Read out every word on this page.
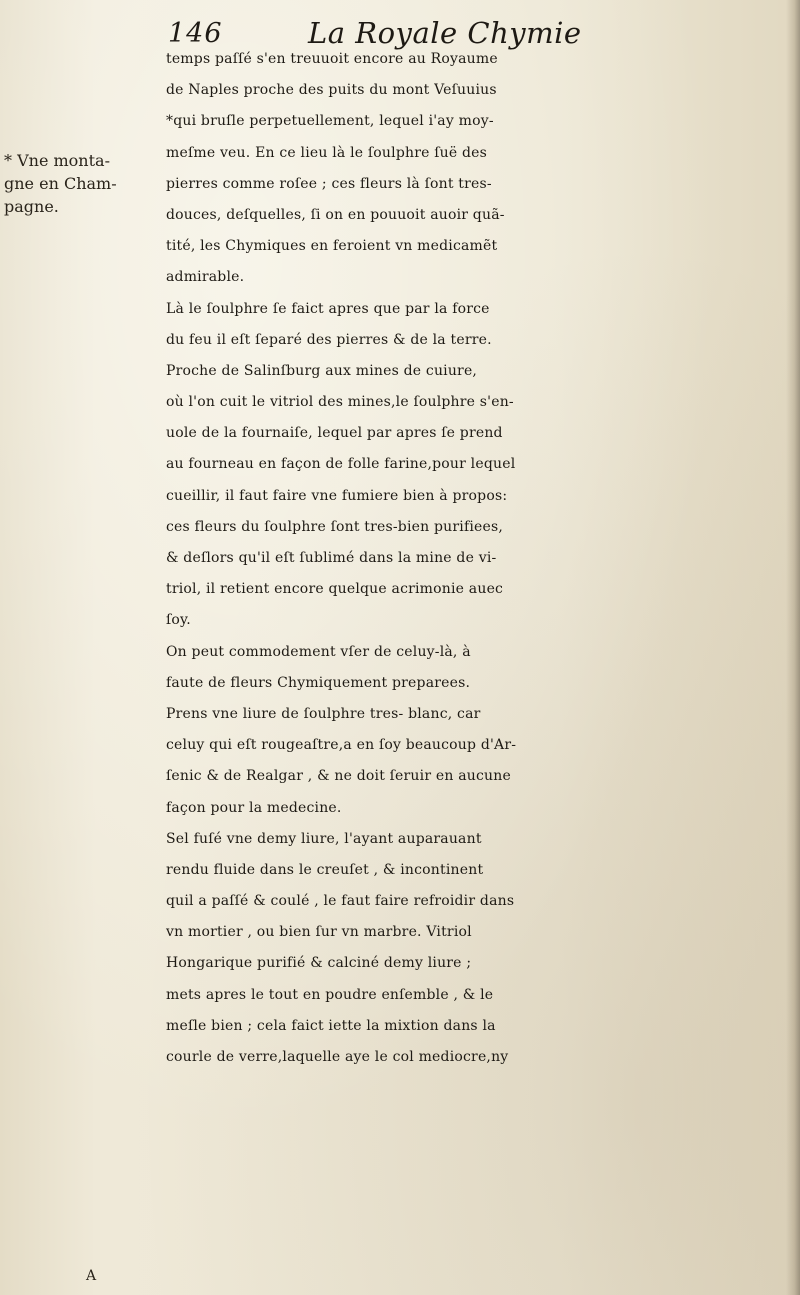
146	La Royale Chymie
* Vne monta-
gne en Cham-
pagne.
temps paſſé s'en treuuoit encore au Royaume
de Naples proche des puits du mont Veſuuius
*qui bruſle perpetuellement, lequel i'ay moy-
meſme veu. En ce lieu là le ſoulphre ſuë des
pierres comme roſee ; ces fleurs là ſont tres-
douces, deſquelles, ſi on en pouuoit auoir quã-
tité, les Chymiques en feroient vn medicamẽt
admirable.
Là le ſoulphre ſe faict apres que par la force
du feu il eſt ſeparé des pierres & de la terre.
Proche de Salinſburg aux mines de cuiure,
où l'on cuit le vitriol des mines,le ſoulphre s'en-
uole de la fournaiſe, lequel par apres ſe prend
au fourneau en façon de folle farine,pour lequel
cueillir, il faut faire vne fumiere bien à propos:
ces fleurs du ſoulphre ſont tres-bien purifiees,
& deſlors qu'il eſt ſublimé dans la mine de vi-
triol, il retient encore quelque acrimonie auec
ſoy.
On peut commodement vſer de celuy-là, à
faute de fleurs Chymiquement preparees.
Prens vne liure de ſoulphre tres- blanc, car
celuy qui eſt rougeaſtre,a en ſoy beaucoup d'Ar-
ſenic & de Realgar , & ne doit ſeruir en aucune
façon pour la medecine.
Sel fuſé vne demy liure, l'ayant auparauant
rendu fluide dans le creuſet , & incontinent
quil a paſſé & coulé , le faut faire refroidir dans
vn mortier , ou bien ſur vn marbre. Vitriol
Hongarique purifié & calciné demy liure ;
mets apres le tout en poudre enſemble , & le
meſle bien ; cela faict iette la mixtion dans la
courle de verre,laquelle aye le col mediocre,ny
A
